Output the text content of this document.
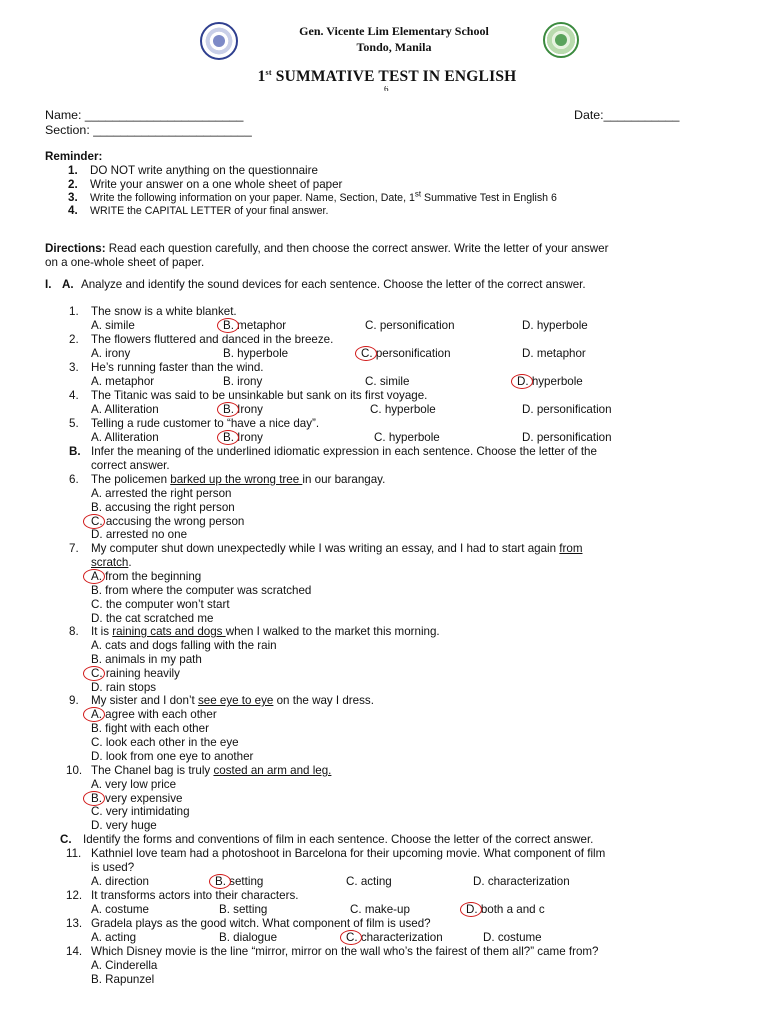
Gen. Vicente Lim Elementary School
Tondo, Manila
1st SUMMATIVE TEST IN ENGLISH
6
Name: _______________________
Section: _______________________
Date:___________
Reminder:
1. DO NOT write anything on the questionnaire
2. Write your answer on a one whole sheet of paper
3. Write the following information on your paper. Name, Section, Date, 1st Summative Test in English 6
4. WRITE the CAPITAL LETTER of your final answer.
Directions: Read each question carefully, and then choose the correct answer. Write the letter of your answer
on a one-whole sheet of paper.
I. A. Analyze and identify the sound devices for each sentence. Choose the letter of the correct answer.
1. The snow is a white blanket.
A. simile	B. metaphor	C. personification	D. hyperbole
2. The flowers fluttered and danced in the breeze.
A. irony	B. hyperbole	C. personification	D. metaphor
3. He’s running faster than the wind.
A. metaphor	B. irony	C. simile	D. hyperbole
4. The Titanic was said to be unsinkable but sank on its first voyage.
A. Alliteration	B. Irony	C. hyperbole	D. personification
5. Telling a rude customer to “have a nice day”.
A. Alliteration	B. Irony	C. hyperbole	D. personification
B. Infer the meaning of the underlined idiomatic expression in each sentence. Choose the letter of the
correct answer.
6. The policemen barked up the wrong tree in our barangay.
A. arrested the right person
B. accusing the right person
C. accusing the wrong person
D. arrested no one
7. My computer shut down unexpectedly while I was writing an essay, and I had to start again from
scratch.
A. from the beginning
B. from where the computer was scratched
C. the computer won’t start
D. the cat scratched me
8. It is raining cats and dogs when I walked to the market this morning.
A. cats and dogs falling with the rain
B. animals in my path
C. raining heavily
D. rain stops
9. My sister and I don’t see eye to eye on the way I dress.
A. agree with each other
B. fight with each other
C. look each other in the eye
D. look from one eye to another
10. The Chanel bag is truly costed an arm and leg.
A. very low price
B. very expensive
C. very intimidating
D. very huge
C. Identify the forms and conventions of film in each sentence. Choose the letter of the correct answer.
11. Kathniel love team had a photoshoot in Barcelona for their upcoming movie. What component of film
is used?
A. direction	B. setting	C. acting	D. characterization
12. It transforms actors into their characters.
A. costume	B. setting	C. make-up	D. both a and c
13. Gradela plays as the good witch. What component of film is used?
A. acting	B. dialogue	C. characterization	D. costume
14. Which Disney movie is the line “mirror, mirror on the wall who’s the fairest of them all?” came from?
A. Cinderella
B. Rapunzel
